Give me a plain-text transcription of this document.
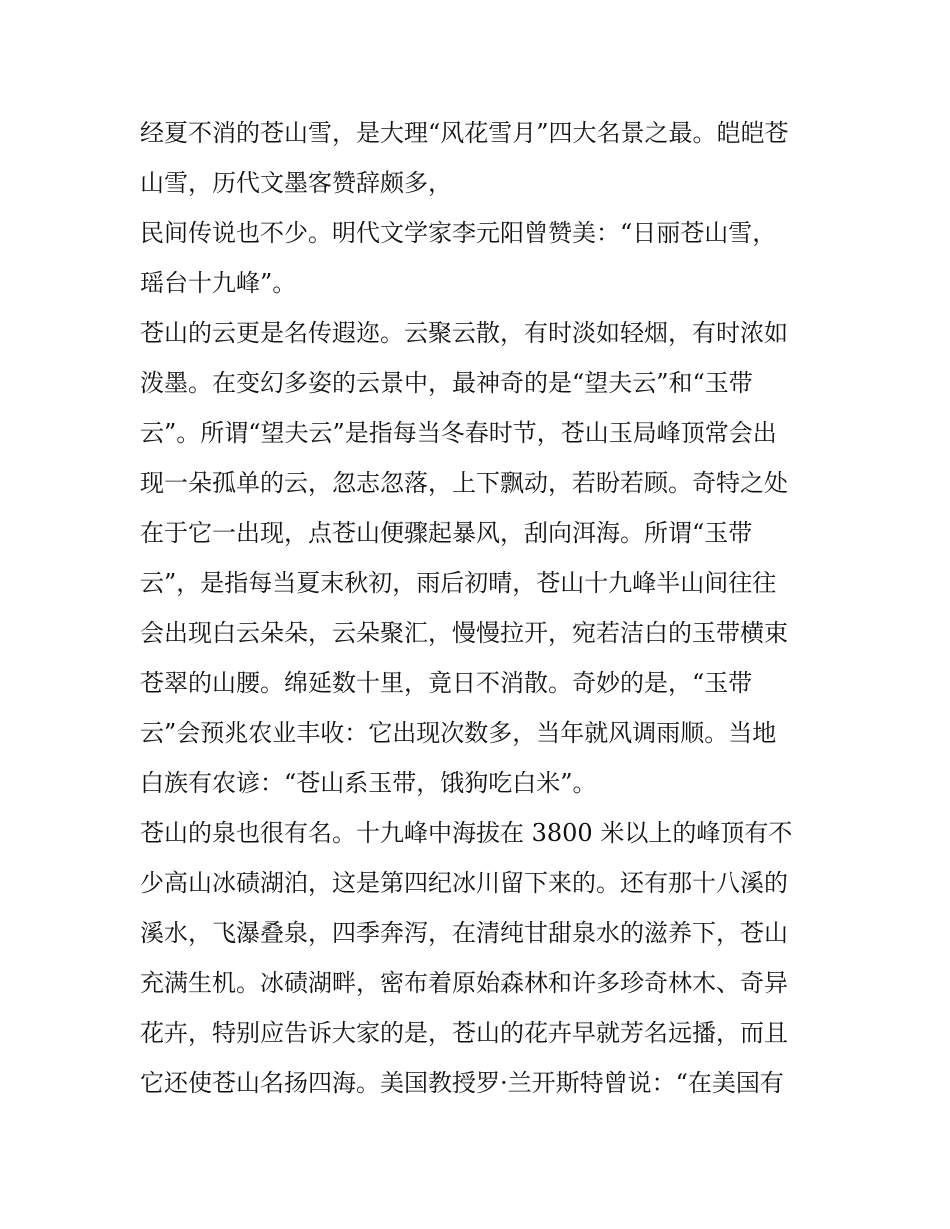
经夏不消的苍山雪，是大理“风花雪月”四大名景之最。皑皑苍
山雪，历代文墨客赞辞颇多，
民间传说也不少。明代文学家李元阳曾赞美：“日丽苍山雪，
瑶台十九峰”。
苍山的云更是名传遐迩。云聚云散，有时淡如轻烟，有时浓如
泼墨。在变幻多姿的云景中，最神奇的是“望夫云”和“玉带
云”。所谓“望夫云”是指每当冬春时节，苍山玉局峰顶常会出
现一朵孤单的云，忽志忽落，上下飘动，若盼若顾。奇特之处
在于它一出现，点苍山便骤起暴风，刮向洱海。所谓“玉带
云”，是指每当夏末秋初，雨后初晴，苍山十九峰半山间往往
会出现白云朵朵，云朵聚汇，慢慢拉开，宛若洁白的玉带横束
苍翠的山腰。绵延数十里，竟日不消散。奇妙的是，“玉带
云”会预兆农业丰收：它出现次数多，当年就风调雨顺。当地
白族有农谚：“苍山系玉带，饿狗吃白米”。
苍山的泉也很有名。十九峰中海拔在 3800 米以上的峰顶有不
少高山冰碛湖泊，这是第四纪冰川留下来的。还有那十八溪的
溪水，飞瀑叠泉，四季奔泻，在清纯甘甜泉水的滋养下，苍山
充满生机。冰碛湖畔，密布着原始森林和许多珍奇林木、奇异
花卉，特别应告诉大家的是，苍山的花卉早就芳名远播，而且
它还使苍山名扬四海。美国教授罗·兰开斯特曾说：“在美国有
